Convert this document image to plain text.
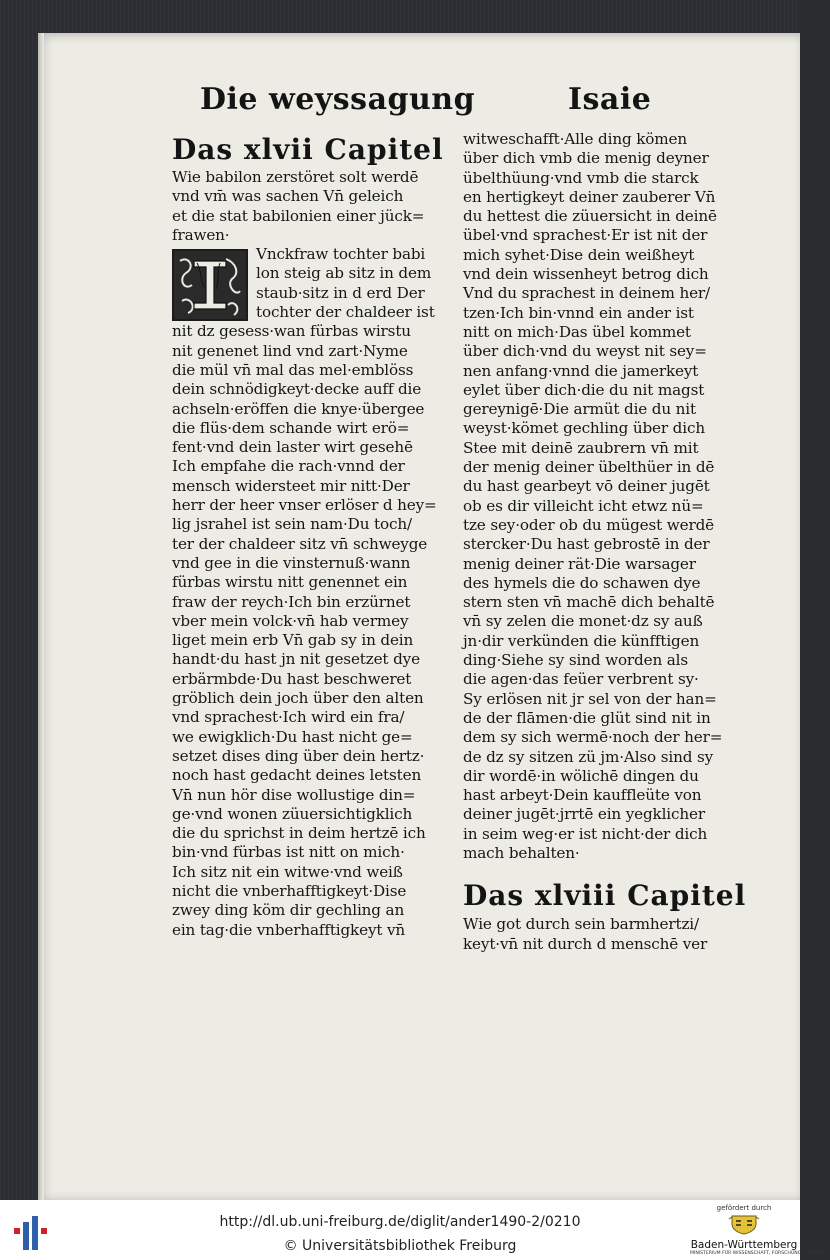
Die weyssagung	Isaie
Das xlvii Capitel
Wie babilon zerstöret solt werdē
vnd vm̄ was sachen Vn̄ geleich
et die stat babilonien einer jück=
frawen·
Vnckfraw tochter babi
lon steig ab sitz in dem
staub·sitz in d erd Der
tochter der chaldeer ist
nit dz gesess·wan fürbas wirstu
nit genenet lind vnd zart·Nyme
die mül vn̄ mal das mel·emblöss
dein schnödigkeyt·decke auff die
achseln·eröffen die knye·übergee
die flüs·dem schande wirt erö=
fent·vnd dein laster wirt gesehē
Ich empfahe die rach·vnnd der
mensch widersteet mir nitt·Der
herr der heer vnser erlöser d hey=
lig jsrahel ist sein nam·Du toch/
ter der chaldeer sitz vn̄ schweyge
vnd gee in die vinsternuß·wann
fürbas wirstu nitt genennet ein
fraw der reych·Ich bin erzürnet
vber mein volck·vn̄ hab vermey
liget mein erb Vn̄ gab sy in dein
handt·du hast jn nit gesetzet dye
erbärmbde·Du hast beschweret
gröblich dein joch über den alten
vnd sprachest·Ich wird ein fra/
we ewigklich·Du hast nicht ge=
setzet dises ding über dein hertz·
noch hast gedacht deines letsten
Vn̄ nun hör dise wollustige din=
ge·vnd wonen züuersichtigklich
die du sprichst in deim hertzē ich
bin·vnd fürbas ist nitt on mich·
Ich sitz nit ein witwe·vnd weiß
nicht die vnberhafftigkeyt·Dise
zwey ding köm dir gechling an
ein tag·die vnberhafftigkeyt vn̄
witweschafft·Alle ding kömen
über dich vmb die menig deyner
übelthüung·vnd vmb die starck
en hertigkeyt deiner zauberer Vn̄
du hettest die züuersicht in deinē
übel·vnd sprachest·Er ist nit der
mich syhet·Dise dein weißheyt
vnd dein wissenheyt betrog dich
Vnd du sprachest in deinem her/
tzen·Ich bin·vnnd ein ander ist
nitt on mich·Das übel kommet
über dich·vnd du weyst nit sey=
nen anfang·vnnd die jamerkeyt
eylet über dich·die du nit magst
gereynigē·Die armüt die du nit
weyst·kömet gechling über dich
Stee mit deinē zaubrern vn̄ mit
der menig deiner übelthüer in dē
du hast gearbeyt vō deiner jugēt
ob es dir villeicht icht etwz nü=
tze sey·oder ob du mügest werdē
stercker·Du hast gebrostē in der
menig deiner rät·Die warsager
des hymels die do schawen dye
stern sten vn̄ machē dich behaltē
vn̄ sy zelen die monet·dz sy auß
jn·dir verkünden die künfftigen
ding·Siehe sy sind worden als
die agen·das feüer verbrent sy·
Sy erlösen nit jr sel von der han=
de der flāmen·die glüt sind nit in
dem sy sich wermē·noch der her=
de dz sy sitzen zü jm·Also sind sy
dir wordē·in wölichē dingen du
hast arbeyt·Dein kauffleüte von
deiner jugēt·jrrtē ein yegklicher
in seim weg·er ist nicht·der dich
mach behalten·
Das xlviii Capitel
Wie got durch sein barmhertzi/
keyt·vn̄ nit durch d menschē ver
http://dl.ub.uni-freiburg.de/diglit/ander1490-2/0210
© Universitätsbibliothek Freiburg
gefördert durch
Baden-Württemberg
MINISTERIUM FÜR WISSENSCHAFT, FORSCHUNG UND KUNST
